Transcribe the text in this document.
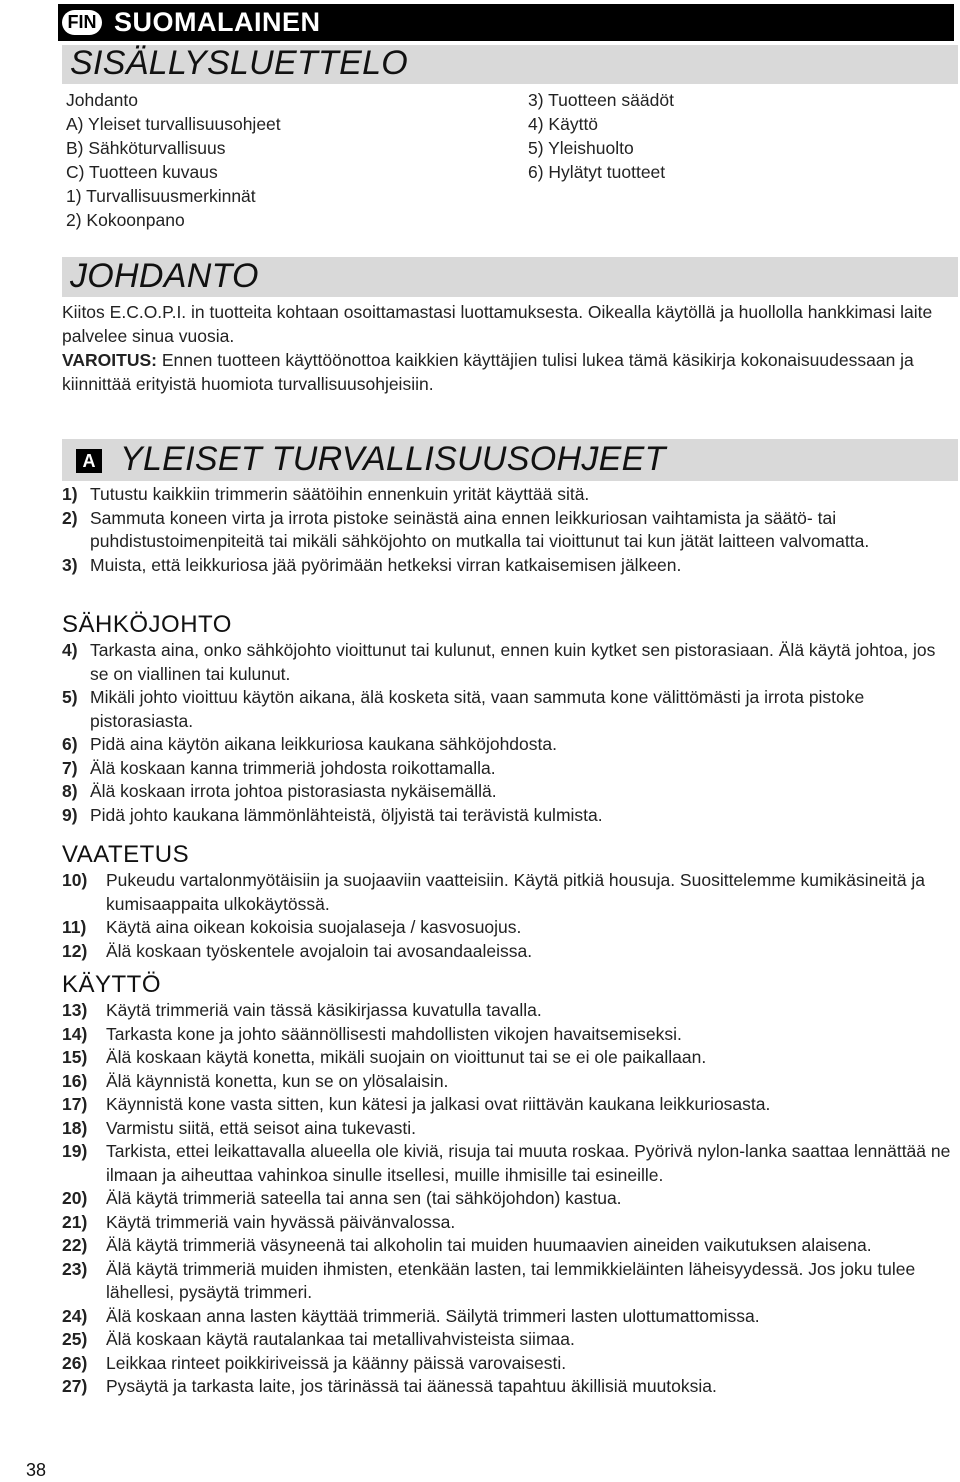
FIN SUOMALAINEN
SISÄLLYSLUETTELO
Johdanto
A) Yleiset turvallisuusohjeet
B) Sähköturvallisuus
C) Tuotteen kuvaus
1) Turvallisuusmerkinnät
2) Kokoonpano
3) Tuotteen säädöt
4) Käyttö
5) Yleishuolto
6) Hylätyt tuotteet
JOHDANTO
Kiitos E.C.O.P.I. in tuotteita kohtaan osoittamastasi luottamuksesta. Oikealla käytöllä ja huollolla hankkimasi laite palvelee sinua vuosia.
VAROITUS: Ennen tuotteen käyttöönottoa kaikkien käyttäjien tulisi lukea tämä käsikirja kokonaisuudessaan ja kiinnittää erityistä huomiota turvallisuusohjeisiin.
A YLEISET TURVALLISUUSOHJEET
1) Tutustu kaikkiin trimmerin säätöihin ennenkuin yrität käyttää sitä.
2) Sammuta koneen virta ja irrota pistoke seinästä aina ennen leikkuriosan vaihtamista ja säätö- tai puhdistustoimenpiteitä tai mikäli sähköjohto on mutkalla tai vioittunut tai kun jätät laitteen valvomatta.
3) Muista, että leikkuriosa jää pyörimään hetkeksi virran katkaisemisen jälkeen.
SÄHKÖJOHTO
4) Tarkasta aina, onko sähköjohto vioittunut tai kulunut, ennen kuin kytket sen pistorasiaan. Älä käytä johtoa, jos se on viallinen tai kulunut.
5) Mikäli johto vioittuu käytön aikana, älä kosketa sitä, vaan sammuta kone välittömästi ja irrota pistoke pistorasiasta.
6) Pidä aina käytön aikana leikkuriosa kaukana sähköjohdosta.
7) Älä koskaan kanna trimmeriä johdosta roikottamalla.
8) Älä koskaan irrota johtoa pistorasiasta nykäisemällä.
9) Pidä johto kaukana lämmönlähteistä, öljyistä tai terävistä kulmista.
VAATETUS
10)	Pukeudu vartalonmyötäisiin ja suojaaviin vaatteisiin. Käytä pitkiä housuja. Suosittelemme kumikäsineitä ja kumisaappaita ulkokäytössä.
11)	Käytä aina oikean kokoisia suojalaseja / kasvosuojus.
12)	Älä koskaan työskentele avojaloin tai avosandaaleissa.
KÄYTTÖ
13)	Käytä trimmeriä vain tässä käsikirjassa kuvatulla tavalla.
14)	Tarkasta kone ja johto säännöllisesti mahdollisten vikojen havaitsemiseksi.
15)	Älä koskaan käytä konetta, mikäli suojain on vioittunut tai se ei ole paikallaan.
16)	Älä käynnistä konetta, kun se on ylösalaisin.
17)	Käynnistä kone vasta sitten, kun kätesi ja jalkasi ovat riittävän kaukana leikkuriosasta.
18)	Varmistu siitä, että seisot aina tukevasti.
19)	Tarkista, ettei leikattavalla alueella ole kiviä, risuja tai muuta roskaa. Pyörivä nylon-lanka saattaa lennättää ne ilmaan ja aiheuttaa vahinkoa sinulle itsellesi, muille ihmisille tai esineille.
20)	Älä käytä trimmeriä sateella tai anna sen (tai sähköjohdon) kastua.
21)	Käytä trimmeriä vain hyvässä päivänvalossa.
22)	Älä käytä trimmeriä väsyneenä tai alkoholin tai muiden huumaavien aineiden vaikutuksen alaisena.
23)	Älä käytä trimmeriä muiden ihmisten, etenkään lasten, tai lemmikkieläinten läheisyydessä. Jos joku tulee lähellesi, pysäytä trimmeri.
24)	Älä koskaan anna lasten käyttää trimmeriä. Säilytä trimmeri lasten ulottumattomissa.
25)	Älä koskaan käytä rautalankaa tai metallivahvisteista siimaa.
26)	Leikkaa rinteet poikkiriveissä ja käänny päissä varovaisesti.
27)	Pysäytä ja tarkasta laite, jos tärinässä tai äänessä tapahtuu äkillisiä muutoksia.
38
